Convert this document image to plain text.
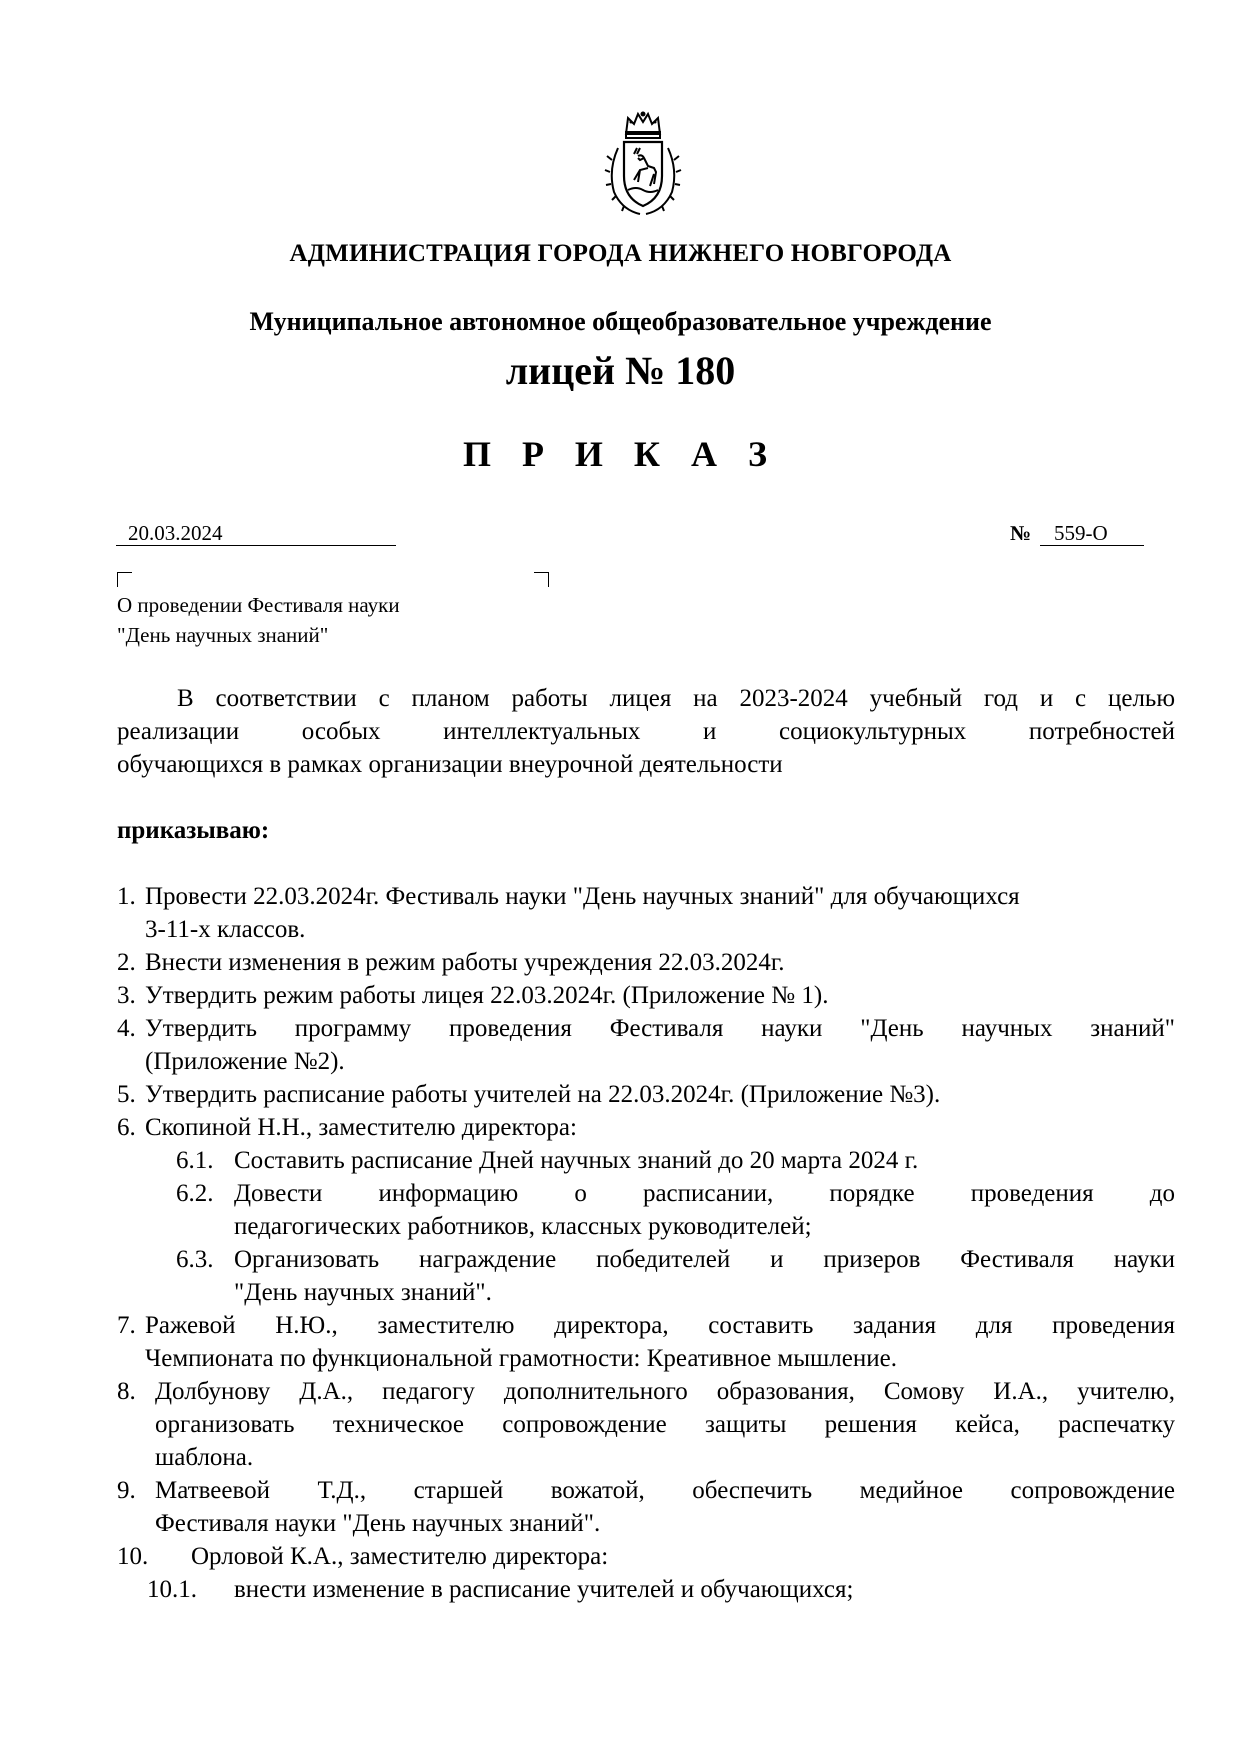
АДМИНИСТРАЦИЯ ГОРОДА НИЖНЕГО НОВГОРОДА
Муниципальное автономное общеобразовательное учреждение
лицей № 180
П Р И К А З
20.03.2024	№	559-О
О проведении Фестиваля науки
"День научных знаний"
В соответствии с планом работы лицея на 2023-2024 учебный год и с целью
реализации особых интеллектуальных и социокультурных потребностей
обучающихся в рамках организации внеурочной деятельности
приказываю:
1. Провести 22.03.2024г. Фестиваль науки "День научных знаний" для обучающихся
3-11-х классов.
2. Внести изменения в режим работы учреждения 22.03.2024г.
3. Утвердить режим работы лицея 22.03.2024г. (Приложение № 1).
4. Утвердить программу проведения Фестиваля науки "День научных знаний"
(Приложение №2).
5. Утвердить расписание работы учителей на 22.03.2024г. (Приложение №3).
6. Скопиной Н.Н., заместителю директора:
6.1. Составить расписание Дней научных знаний до 20 марта 2024 г.
6.2. Довести информацию о расписании, порядке проведения до
педагогических работников, классных руководителей;
6.3. Организовать награждение победителей и призеров Фестиваля науки
"День научных знаний".
7. Ражевой Н.Ю., заместителю директора, составить задания для проведения
Чемпионата по функциональной грамотности: Креативное мышление.
8. Долбунову Д.А., педагогу дополнительного образования, Сомову И.А., учителю,
организовать техническое сопровождение защиты решения кейса, распечатку
шаблона.
9. Матвеевой Т.Д., старшей вожатой, обеспечить медийное сопровождение
Фестиваля науки "День научных знаний".
10. Орловой К.А., заместителю директора:
10.1. внести изменение в расписание учителей и обучающихся;
